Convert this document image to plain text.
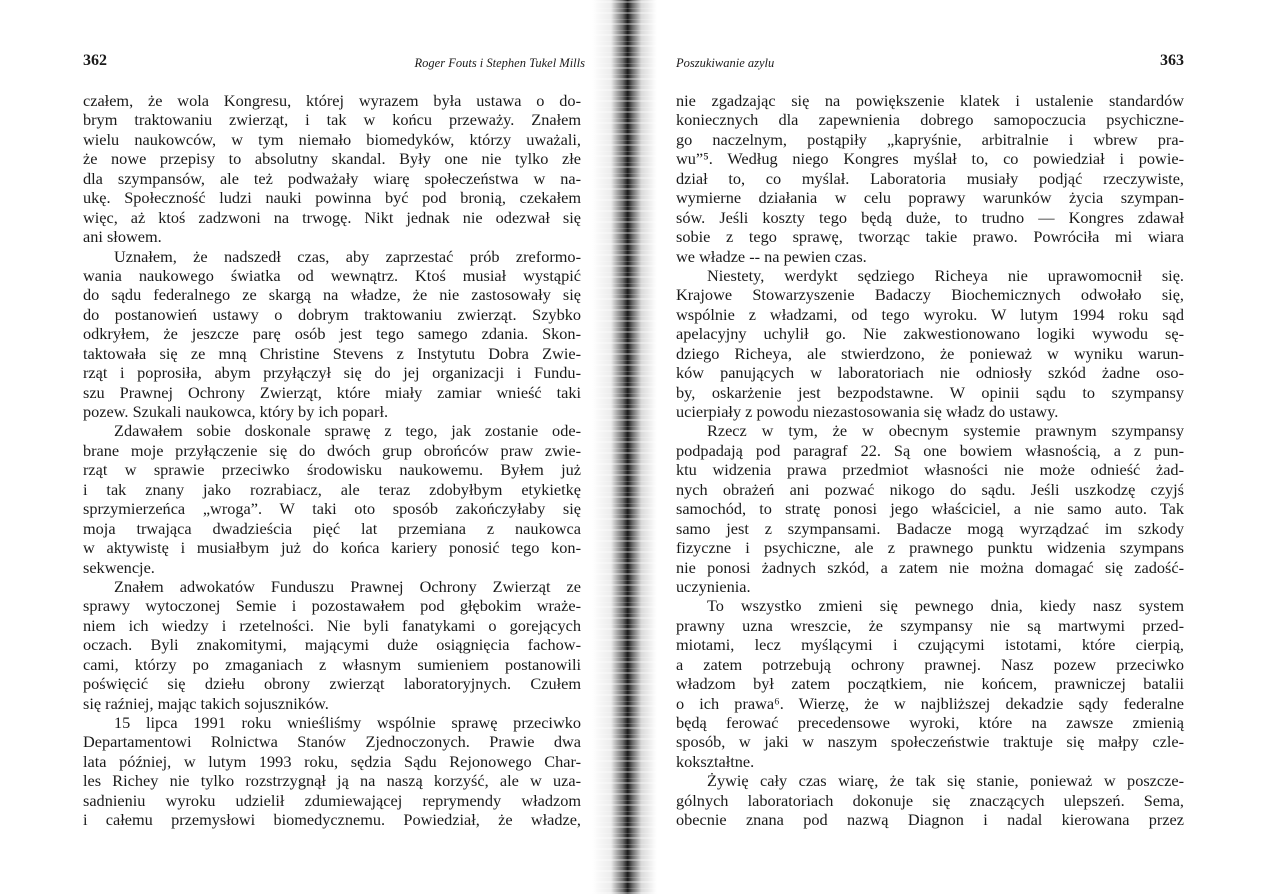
362	Roger Fouts i Stephen Tukel Mills
czałem, że wola Kongresu, której wyrazem była ustawa o do-
brym traktowaniu zwierząt, i tak w końcu przeważy. Znałem
wielu naukowców, w tym niemało biomedyków, którzy uważali,
że nowe przepisy to absolutny skandal. Były one nie tylko złe
dla szympansów, ale też podważały wiarę społeczeństwa w na-
ukę. Społeczność ludzi nauki powinna być pod bronią, czekałem
więc, aż ktoś zadzwoni na trwogę. Nikt jednak nie odezwał się
ani słowem.
Uznałem, że nadszedł czas, aby zaprzestać prób zreformo-
wania naukowego światka od wewnątrz. Ktoś musiał wystąpić
do sądu federalnego ze skargą na władze, że nie zastosowały się
do postanowień ustawy o dobrym traktowaniu zwierząt. Szybko
odkryłem, że jeszcze parę osób jest tego samego zdania. Skon-
taktowała się ze mną Christine Stevens z Instytutu Dobra Zwie-
rząt i poprosiła, abym przyłączył się do jej organizacji i Fundu-
szu Prawnej Ochrony Zwierząt, które miały zamiar wnieść taki
pozew. Szukali naukowca, który by ich poparł.
Zdawałem sobie doskonale sprawę z tego, jak zostanie ode-
brane moje przyłączenie się do dwóch grup obrońców praw zwie-
rząt w sprawie przeciwko środowisku naukowemu. Byłem już
i tak znany jako rozrabiacz, ale teraz zdobyłbym etykietkę
sprzymierzeńca „wroga”. W taki oto sposób zakończyłaby się
moja trwająca dwadzieścia pięć lat przemiana z naukowca
w aktywistę i musiałbym już do końca kariery ponosić tego kon-
sekwencje.
Znałem adwokatów Funduszu Prawnej Ochrony Zwierząt ze
sprawy wytoczonej Semie i pozostawałem pod głębokim wraże-
niem ich wiedzy i rzetelności. Nie byli fanatykami o gorejących
oczach. Byli znakomitymi, mającymi duże osiągnięcia fachow-
cami, którzy po zmaganiach z własnym sumieniem postanowili
poświęcić się dziełu obrony zwierząt laboratoryjnych. Czułem
się raźniej, mając takich sojuszników.
15 lipca 1991 roku wnieśliśmy wspólnie sprawę przeciwko
Departamentowi Rolnictwa Stanów Zjednoczonych. Prawie dwa
lata później, w lutym 1993 roku, sędzia Sądu Rejonowego Char-
les Richey nie tylko rozstrzygnął ją na naszą korzyść, ale w uza-
sadnieniu wyroku udzielił zdumiewającej reprymendy władzom
i całemu przemysłowi biomedycznemu. Powiedział, że władze,
363
Poszukiwanie azylu
nie zgadzając się na powiększenie klatek i ustalenie standardów
koniecznych dla zapewnienia dobrego samopoczucia psychiczne-
go naczelnym, postąpiły „kapryśnie, arbitralnie i wbrew pra-
wu”⁵. Według niego Kongres myślał to, co powiedział i powie-
dział to, co myślał. Laboratoria musiały podjąć rzeczywiste,
wymierne działania w celu poprawy warunków życia szympan-
sów. Jeśli koszty tego będą duże, to trudno — Kongres zdawał
sobie z tego sprawę, tworząc takie prawo. Powróciła mi wiara
we władze -- na pewien czas.
Niestety, werdykt sędziego Richeya nie uprawomocnił się.
Krajowe Stowarzyszenie Badaczy Biochemicznych odwołało się,
wspólnie z władzami, od tego wyroku. W lutym 1994 roku sąd
apelacyjny uchylił go. Nie zakwestionowano logiki wywodu sę-
dziego Richeya, ale stwierdzono, że ponieważ w wyniku warun-
ków panujących w laboratoriach nie odniosły szkód żadne oso-
by, oskarżenie jest bezpodstawne. W opinii sądu to szympansy
ucierpiały z powodu niezastosowania się władz do ustawy.
Rzecz w tym, że w obecnym systemie prawnym szympansy
podpadają pod paragraf 22. Są one bowiem własnością, a z pun-
ktu widzenia prawa przedmiot własności nie może odnieść żad-
nych obrażeń ani pozwać nikogo do sądu. Jeśli uszkodzę czyjś
samochód, to stratę ponosi jego właściciel, a nie samo auto. Tak
samo jest z szympansami. Badacze mogą wyrządzać im szkody
fizyczne i psychiczne, ale z prawnego punktu widzenia szympans
nie ponosi żadnych szkód, a zatem nie można domagać się zadość-
uczynienia.
To wszystko zmieni się pewnego dnia, kiedy nasz system
prawny uzna wreszcie, że szympansy nie są martwymi przed-
miotami, lecz myślącymi i czującymi istotami, które cierpią,
a zatem potrzebują ochrony prawnej. Nasz pozew przeciwko
władzom był zatem początkiem, nie końcem, prawniczej batalii
o ich prawa⁶. Wierzę, że w najbliższej dekadzie sądy federalne
będą ferować precedensowe wyroki, które na zawsze zmienią
sposób, w jaki w naszym społeczeństwie traktuje się małpy czle-
kokształtne.
Żywię cały czas wiarę, że tak się stanie, ponieważ w poszcze-
gólnych laboratoriach dokonuje się znaczących ulepszeń. Sema,
obecnie znana pod nazwą Diagnon i nadal kierowana przez
